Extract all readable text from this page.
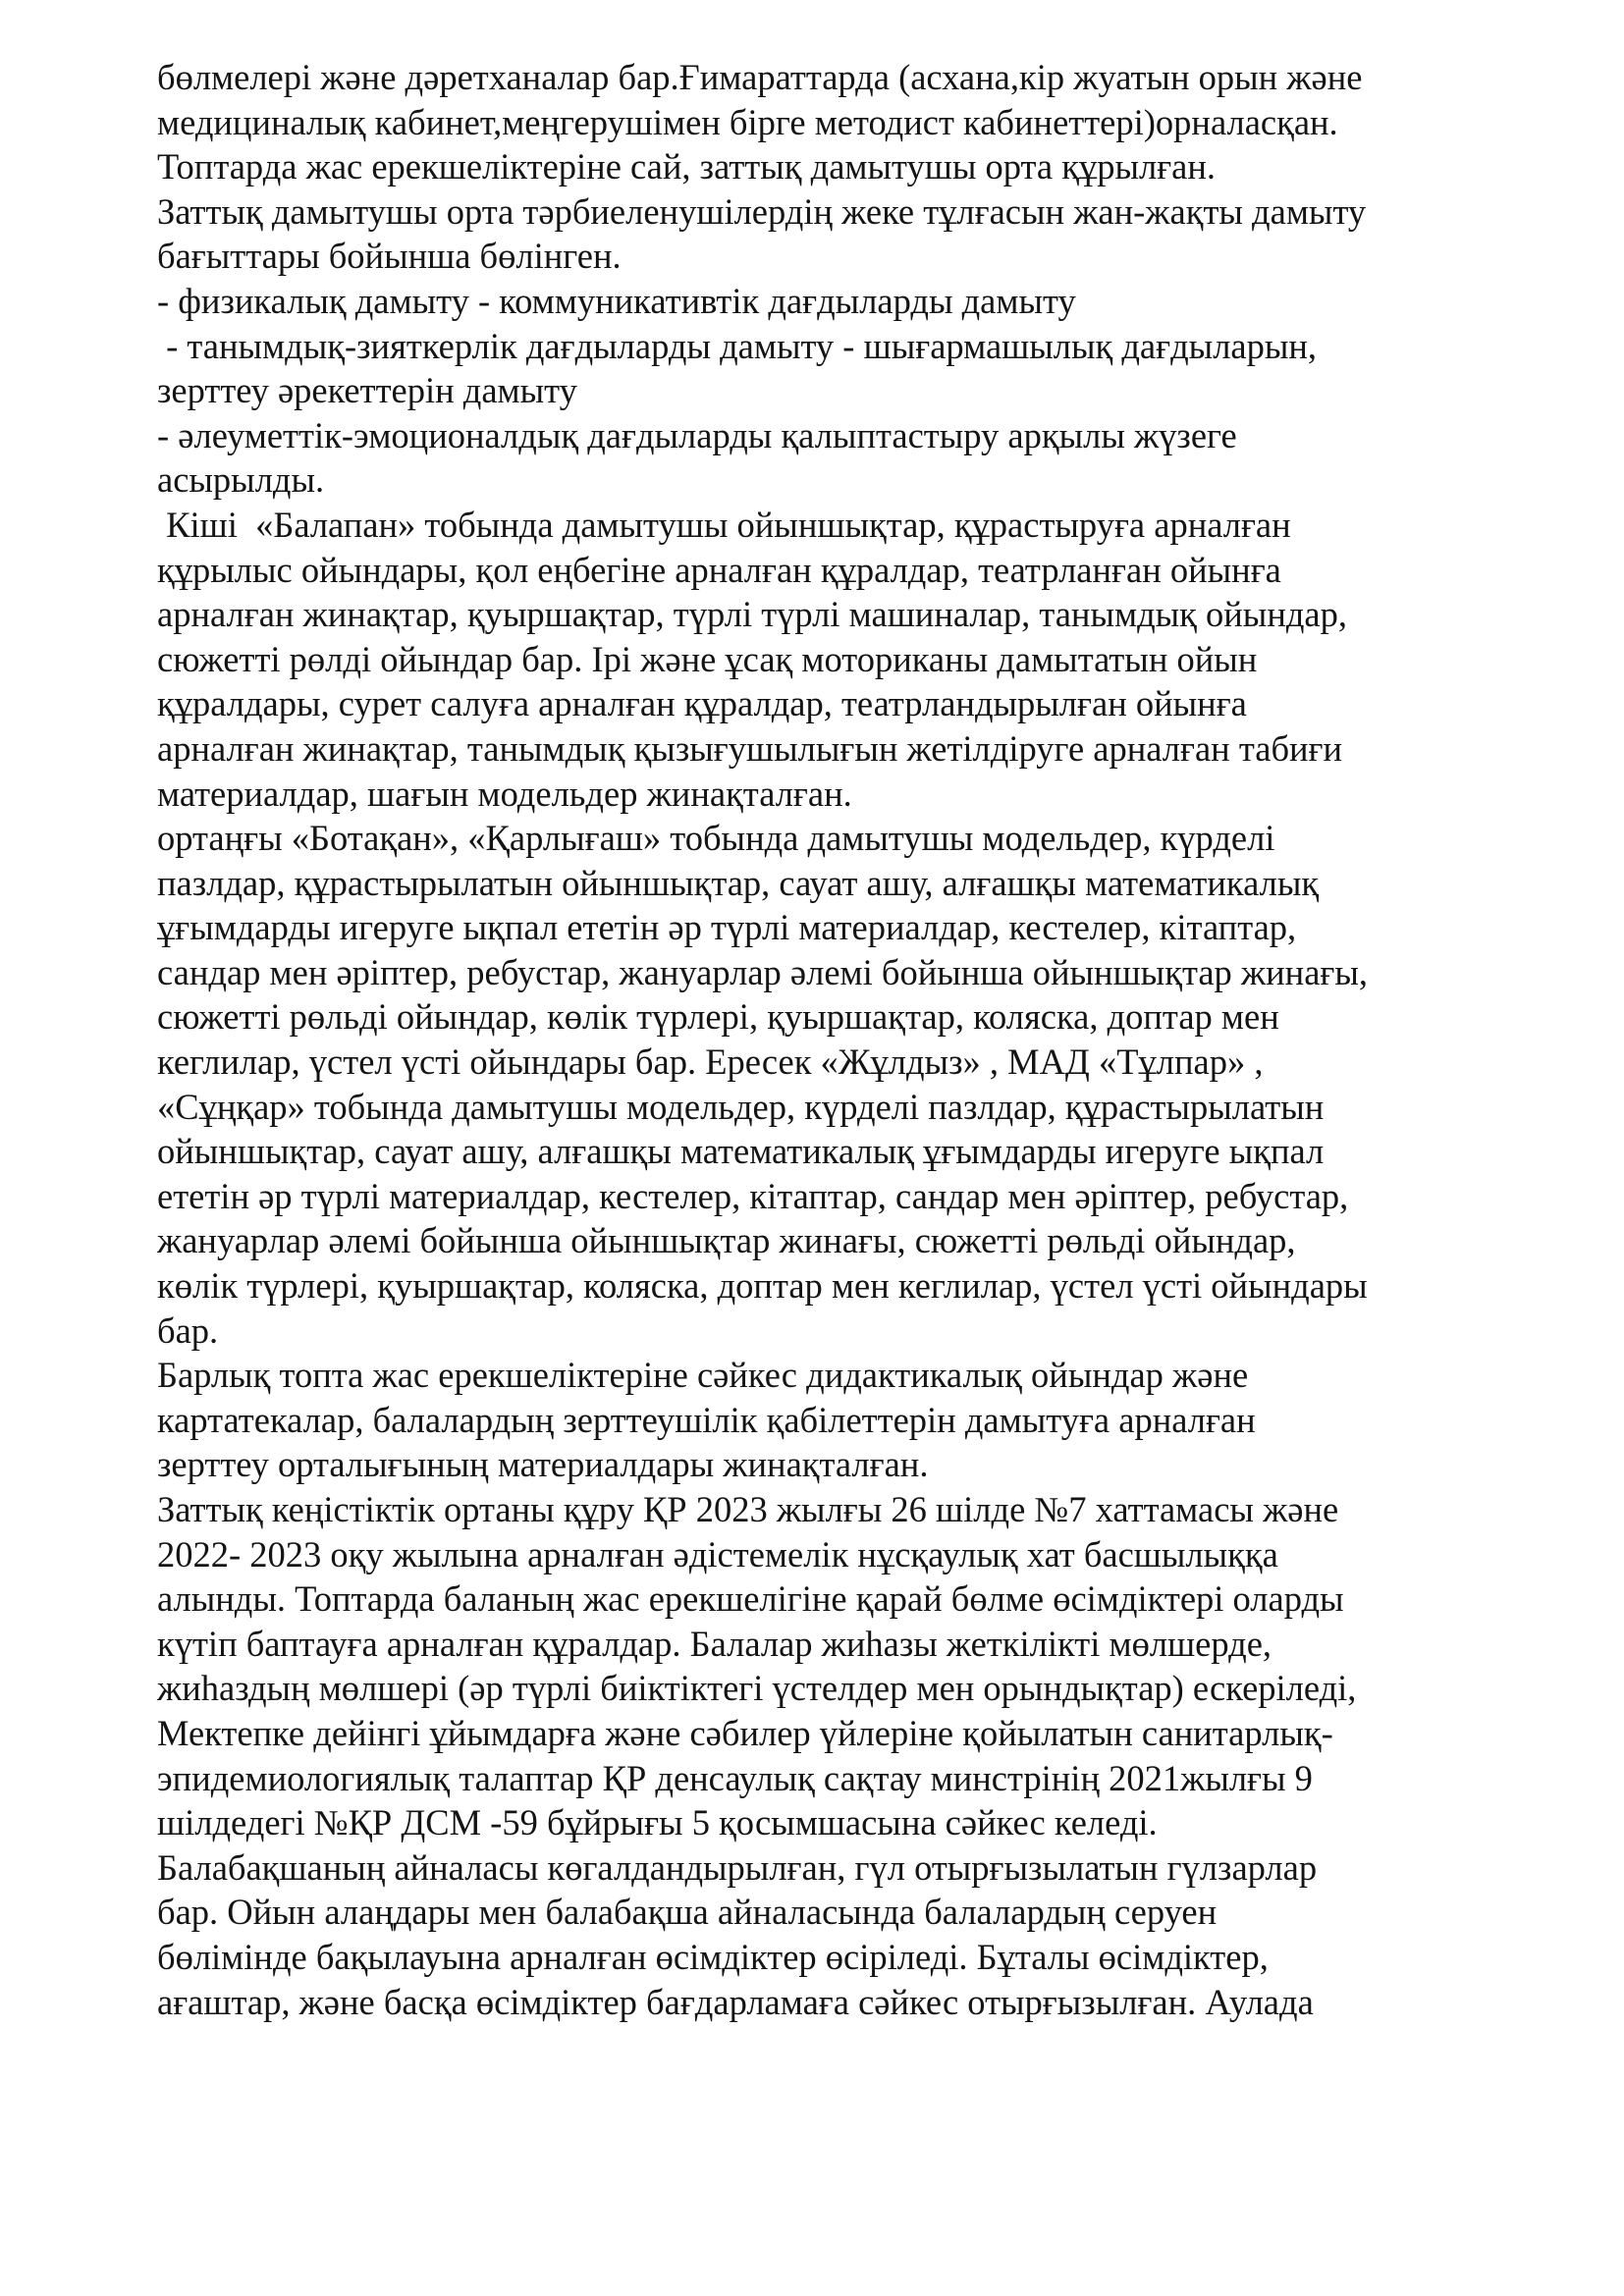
бөлмелері және дәретханалар бар.Ғимараттарда (асхана,кір жуатын орын және
медициналық кабинет,меңгерушімен бірге методист кабинеттері)орналасқан.
Топтарда жас ерекшеліктеріне сай, заттық дамытушы орта құрылған.
Заттық дамытушы орта тәрбиеленушілердің жеке тұлғасын жан-жақты дамыту
бағыттары бойынша бөлінген.
- физикалық дамыту - коммуникативтік дағдыларды дамыту
- танымдық-зияткерлік дағдыларды дамыту - шығармашылық дағдыларын,
зерттеу әрекеттерін дамыту
- әлеуметтік-эмоционалдық дағдыларды қалыптастыру арқылы жүзеге
асырылды.
Кіші  «Балапан» тобында дамытушы ойыншықтар, құрастыруға арналған
құрылыс ойындары, қол еңбегіне арналған құралдар, театрланған ойынға
арналған жинақтар, қуыршақтар, түрлі түрлі машиналар, танымдық ойындар,
сюжетті рөлді ойындар бар. Ірі және ұсақ моториканы дамытатын ойын
құралдары, сурет салуға арналған құралдар, театрландырылған ойынға
арналған жинақтар, танымдық қызығушылығын жетілдіруге арналған табиғи
материалдар, шағын модельдер жинақталған.
ортаңғы «Ботақан», «Қарлығаш» тобында дамытушы модельдер, күрделі
пазлдар, құрастырылатын ойыншықтар, сауат ашу, алғашқы математикалық
ұғымдарды игеруге ықпал ететін әр түрлі материалдар, кестелер, кітаптар,
сандар мен әріптер, ребустар, жануарлар әлемі бойынша ойыншықтар жинағы,
сюжетті рөльді ойындар, көлік түрлері, қуыршақтар, коляска, доптар мен
кеглилар, үстел үсті ойындары бар. Ересек «Жұлдыз» , МАД «Тұлпар» ,
«Сұңқар» тобында дамытушы модельдер, күрделі пазлдар, құрастырылатын
ойыншықтар, сауат ашу, алғашқы математикалық ұғымдарды игеруге ықпал
ететін әр түрлі материалдар, кестелер, кітаптар, сандар мен әріптер, ребустар,
жануарлар әлемі бойынша ойыншықтар жинағы, сюжетті рөльді ойындар,
көлік түрлері, қуыршақтар, коляска, доптар мен кеглилар, үстел үсті ойындары
бар.
Барлық топта жас ерекшеліктеріне сәйкес дидактикалық ойындар және
картатекалар, балалардың зерттеушілік қабілеттерін дамытуға арналған
зерттеу орталығының материалдары жинақталған.
Заттық кеңістіктік ортаны құру ҚР 2023 жылғы 26 шілде №7 хаттамасы және
2022- 2023 оқу жылына арналған әдістемелік нұсқаулық хат басшылыққа
алынды. Топтарда баланың жас ерекшелігіне қарай бөлме өсімдіктері оларды
күтіп баптауға арналған құралдар. Балалар жиһазы жеткілікті мөлшерде,
жиһаздың мөлшері (әр түрлі биіктіктегі үстелдер мен орындықтар) ескеріледі,
Мектепке дейінгі ұйымдарға және сәбилер үйлеріне қойылатын санитарлық-
эпидемиологиялық талаптар ҚР денсаулық сақтау минстрінің 2021жылғы 9
шілдедегі №ҚР ДСМ -59 бұйрығы 5 қосымшасына сәйкес келеді.
Балабақшаның айналасы көгалдандырылған, гүл отырғызылатын гүлзарлар
бар. Ойын алаңдары мен балабақша айналасында балалардың серуен
бөлімінде бақылауына арналған өсімдіктер өсіріледі. Бұталы өсімдіктер,
ағаштар, және басқа өсімдіктер бағдарламаға сәйкес отырғызылған. Аулада
